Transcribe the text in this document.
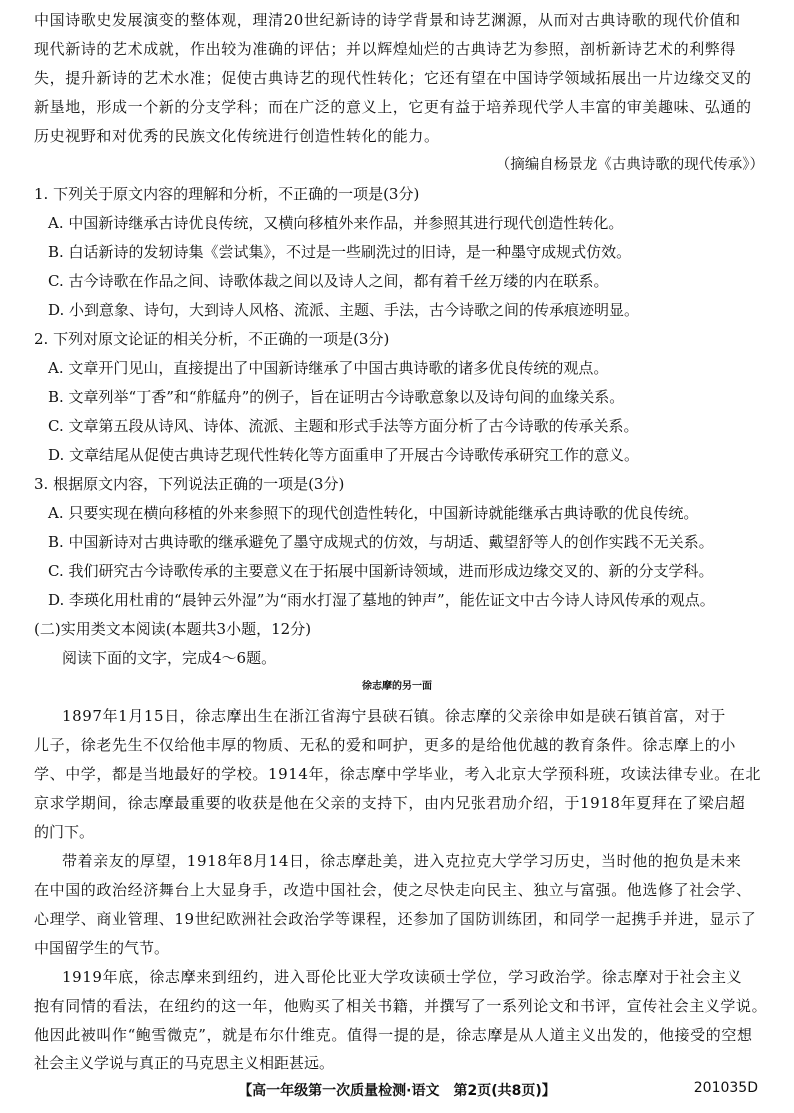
中国诗歌史发展演变的整体观，理清20世纪新诗的诗学背景和诗艺渊源，从而对古典诗歌的现代价值和
现代新诗的艺术成就，作出较为准确的评估；并以辉煌灿烂的古典诗艺为参照，剖析新诗艺术的利弊得
失，提升新诗的艺术水准；促使古典诗艺的现代性转化；它还有望在中国诗学领域拓展出一片边缘交叉的
新垦地，形成一个新的分支学科；而在广泛的意义上，它更有益于培养现代学人丰富的审美趣味、弘通的
历史视野和对优秀的民族文化传统进行创造性转化的能力。
（摘编自杨景龙《古典诗歌的现代传承》）
1. 下列关于原文内容的理解和分析，不正确的一项是(3分)
A. 中国新诗继承古诗优良传统，又横向移植外来作品，并参照其进行现代创造性转化。
B. 白话新诗的发轫诗集《尝试集》，不过是一些刷洗过的旧诗，是一种墨守成规式仿效。
C. 古今诗歌在作品之间、诗歌体裁之间以及诗人之间，都有着千丝万缕的内在联系。
D. 小到意象、诗句，大到诗人风格、流派、主题、手法，古今诗歌之间的传承痕迹明显。
2. 下列对原文论证的相关分析，不正确的一项是(3分)
A. 文章开门见山，直接提出了中国新诗继承了中国古典诗歌的诸多优良传统的观点。
B. 文章列举“丁香”和“舴艋舟”的例子，旨在证明古今诗歌意象以及诗句间的血缘关系。
C. 文章第五段从诗风、诗体、流派、主题和形式手法等方面分析了古今诗歌的传承关系。
D. 文章结尾从促使古典诗艺现代性转化等方面重申了开展古今诗歌传承研究工作的意义。
3. 根据原文内容，下列说法正确的一项是(3分)
A. 只要实现在横向移植的外来参照下的现代创造性转化，中国新诗就能继承古典诗歌的优良传统。
B. 中国新诗对古典诗歌的继承避免了墨守成规式的仿效，与胡适、戴望舒等人的创作实践不无关系。
C. 我们研究古今诗歌传承的主要意义在于拓展中国新诗领域，进而形成边缘交叉的、新的分支学科。
D. 李瑛化用杜甫的“晨钟云外湿”为“雨水打湿了墓地的钟声”，能佐证文中古今诗人诗风传承的观点。
(二)实用类文本阅读(本题共3小题，12分)
阅读下面的文字，完成4～6题。
徐志摩的另一面
1897年1月15日，徐志摩出生在浙江省海宁县硖石镇。徐志摩的父亲徐申如是硖石镇首富，对于
儿子，徐老先生不仅给他丰厚的物质、无私的爱和呵护，更多的是给他优越的教育条件。徐志摩上的小
学、中学，都是当地最好的学校。1914年，徐志摩中学毕业，考入北京大学预科班，攻读法律专业。在北
京求学期间，徐志摩最重要的收获是他在父亲的支持下，由内兄张君劢介绍，于1918年夏拜在了梁启超
的门下。
带着亲友的厚望，1918年8月14日，徐志摩赴美，进入克拉克大学学习历史，当时他的抱负是未来
在中国的政治经济舞台上大显身手，改造中国社会，使之尽快走向民主、独立与富强。他选修了社会学、
心理学、商业管理、19世纪欧洲社会政治学等课程，还参加了国防训练团，和同学一起携手并进，显示了
中国留学生的气节。
1919年底，徐志摩来到纽约，进入哥伦比亚大学攻读硕士学位，学习政治学。徐志摩对于社会主义
抱有同情的看法，在纽约的这一年，他购买了相关书籍，并撰写了一系列论文和书评，宣传社会主义学说。
他因此被叫作“鲍雪微克”，就是布尔什维克。值得一提的是，徐志摩是从人道主义出发的，他接受的空想
社会主义学说与真正的马克思主义相距甚远。
【高一年级第一次质量检测·语文　第2页(共8页)】	201035D
